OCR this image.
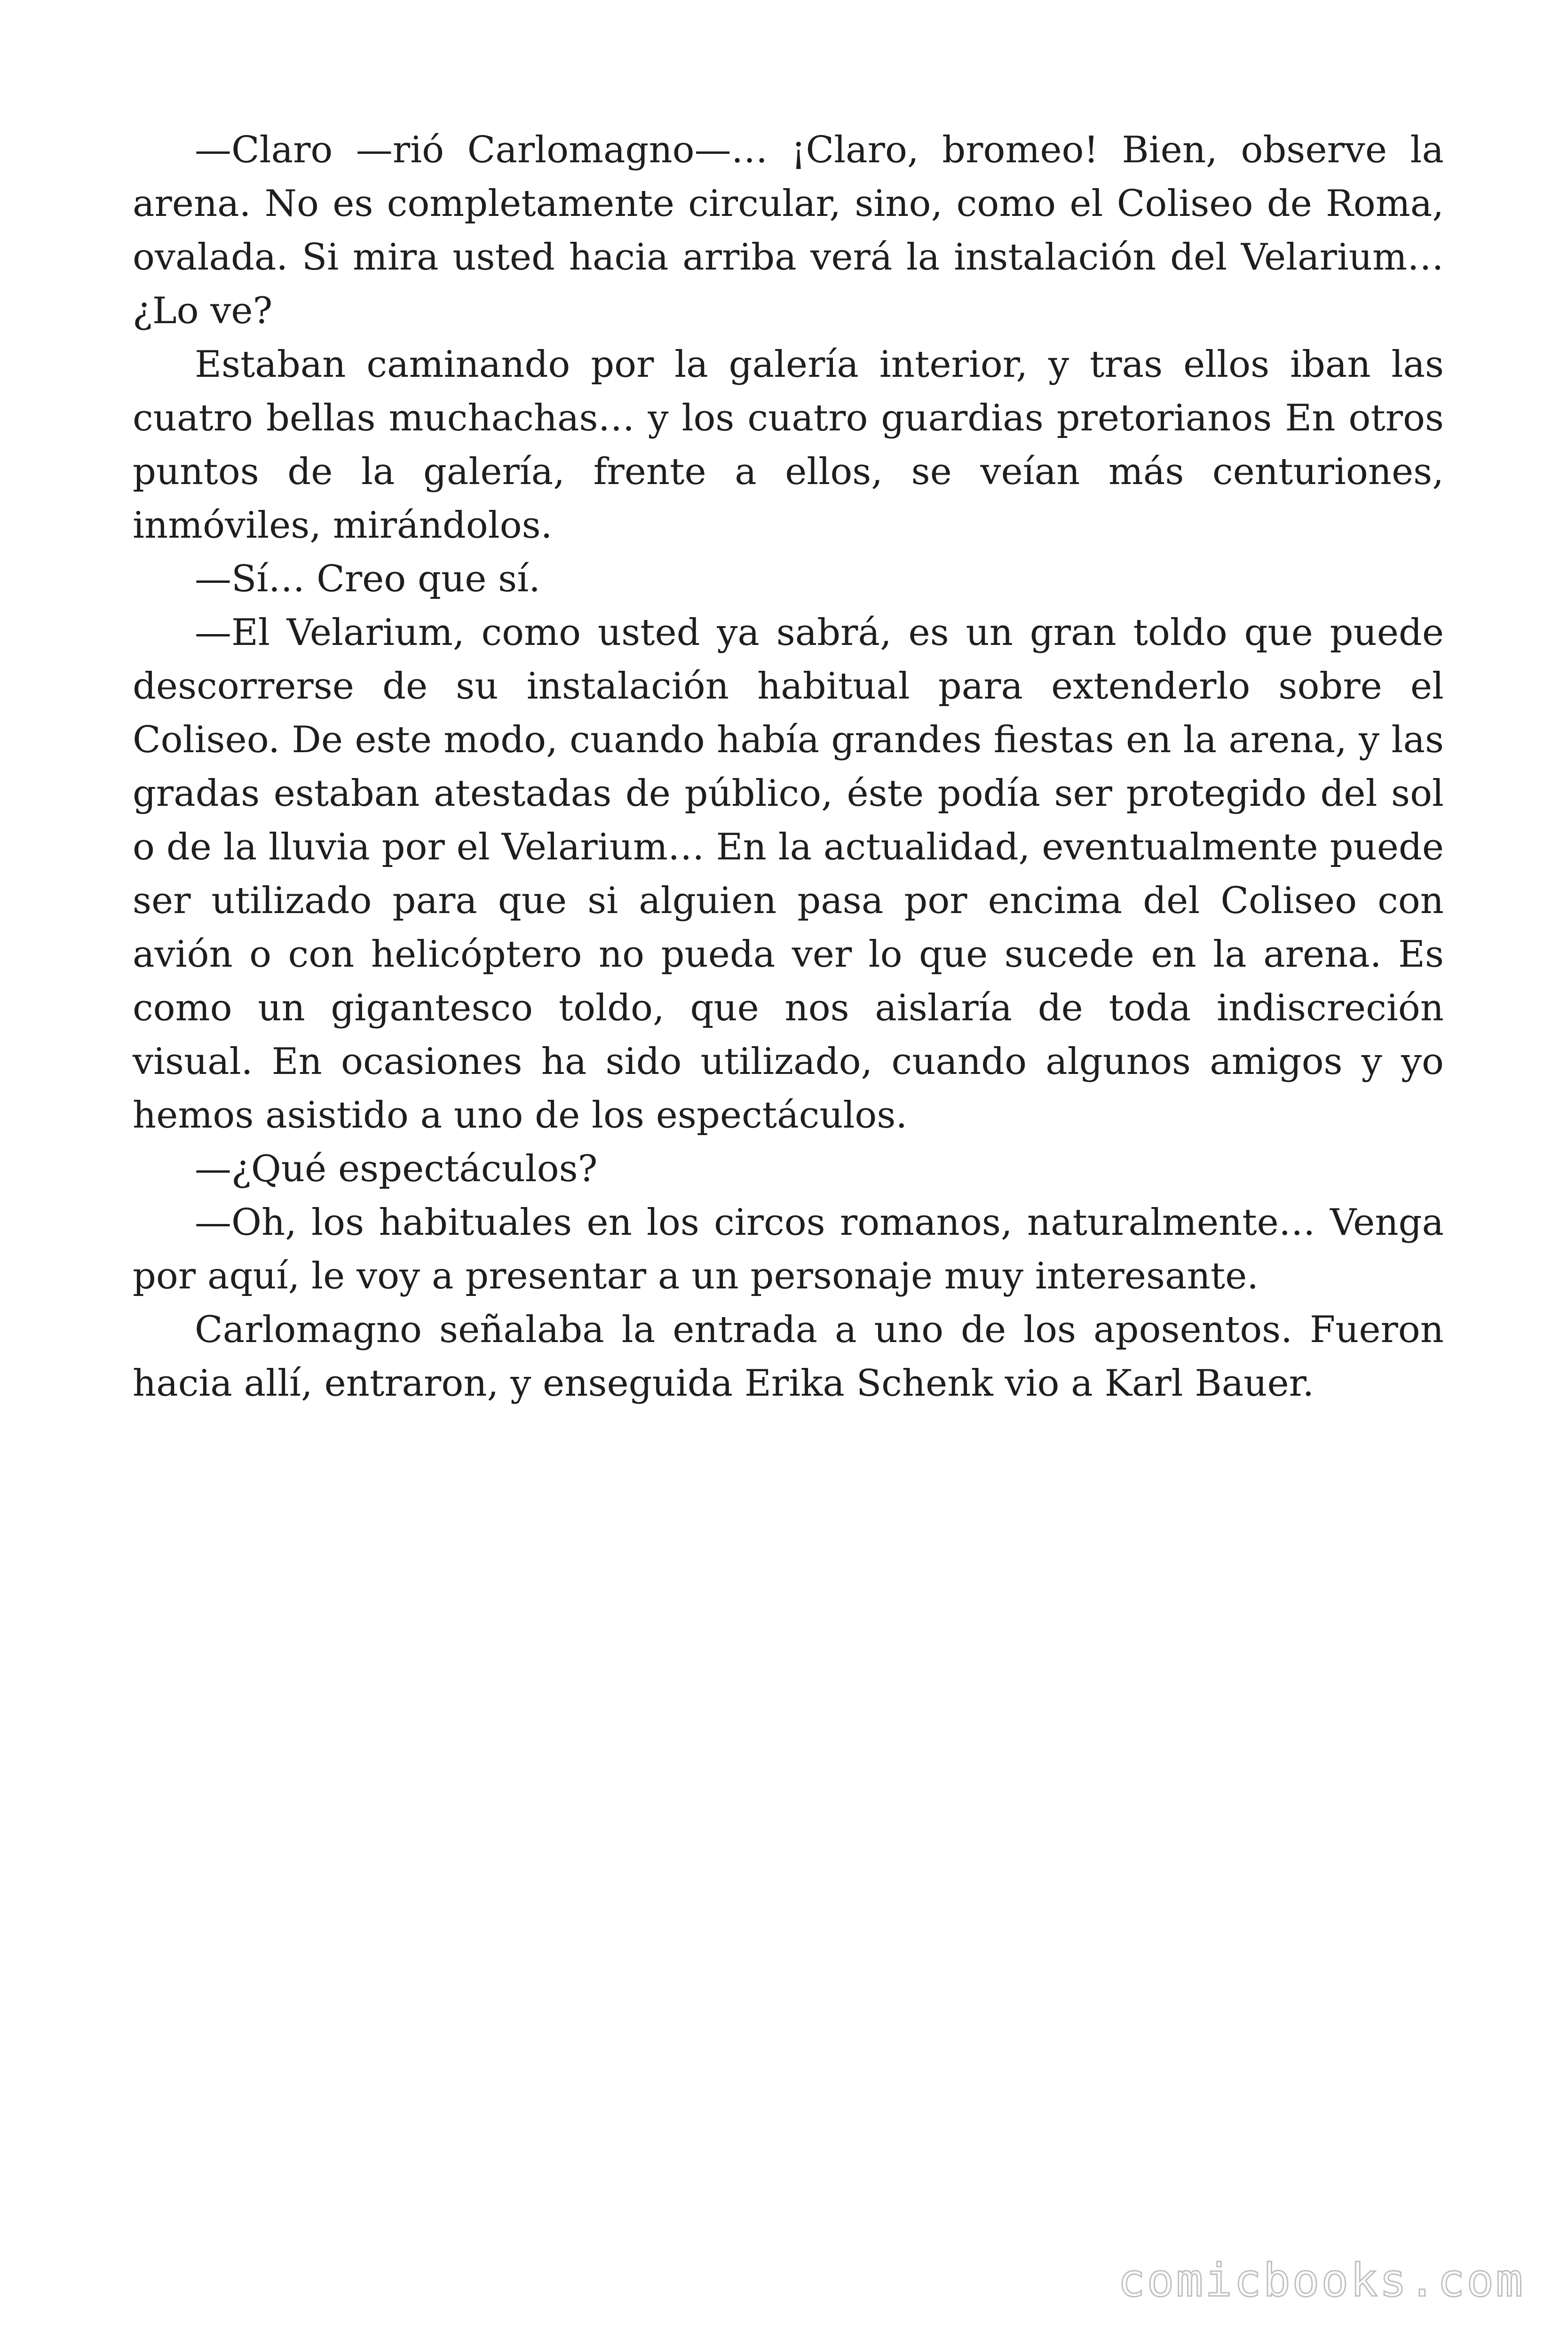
—Claro —rió Carlomagno—… ¡Claro, bromeo! Bien, observe la arena. No es completamente circular, sino, como el Coliseo de Roma, ovalada. Si mira usted hacia arriba verá la instalación del Velarium… ¿Lo ve?

Estaban caminando por la galería interior, y tras ellos iban las cuatro bellas muchachas… y los cuatro guardias pretorianos En otros puntos de la galería, frente a ellos, se veían más centuriones, inmóviles, mirándolos.

—Sí… Creo que sí.

—El Velarium, como usted ya sabrá, es un gran toldo que puede descorrerse de su instalación habitual para extenderlo sobre el Coliseo. De este modo, cuando había grandes fiestas en la arena, y las gradas estaban atestadas de público, éste podía ser protegido del sol o de la lluvia por el Velarium… En la actualidad, eventualmente puede ser utilizado para que si alguien pasa por encima del Coliseo con avión o con helicóptero no pueda ver lo que sucede en la arena. Es como un gigantesco toldo, que nos aislaría de toda indiscreción visual. En ocasiones ha sido utilizado, cuando algunos amigos y yo hemos asistido a uno de los espectáculos.

—¿Qué espectáculos?

—Oh, los habituales en los circos romanos, naturalmente… Venga por aquí, le voy a presentar a un personaje muy interesante.

Carlomagno señalaba la entrada a uno de los aposentos. Fueron hacia allí, entraron, y enseguida Erika Schenk vio a Karl Bauer.

comicbooks.com
